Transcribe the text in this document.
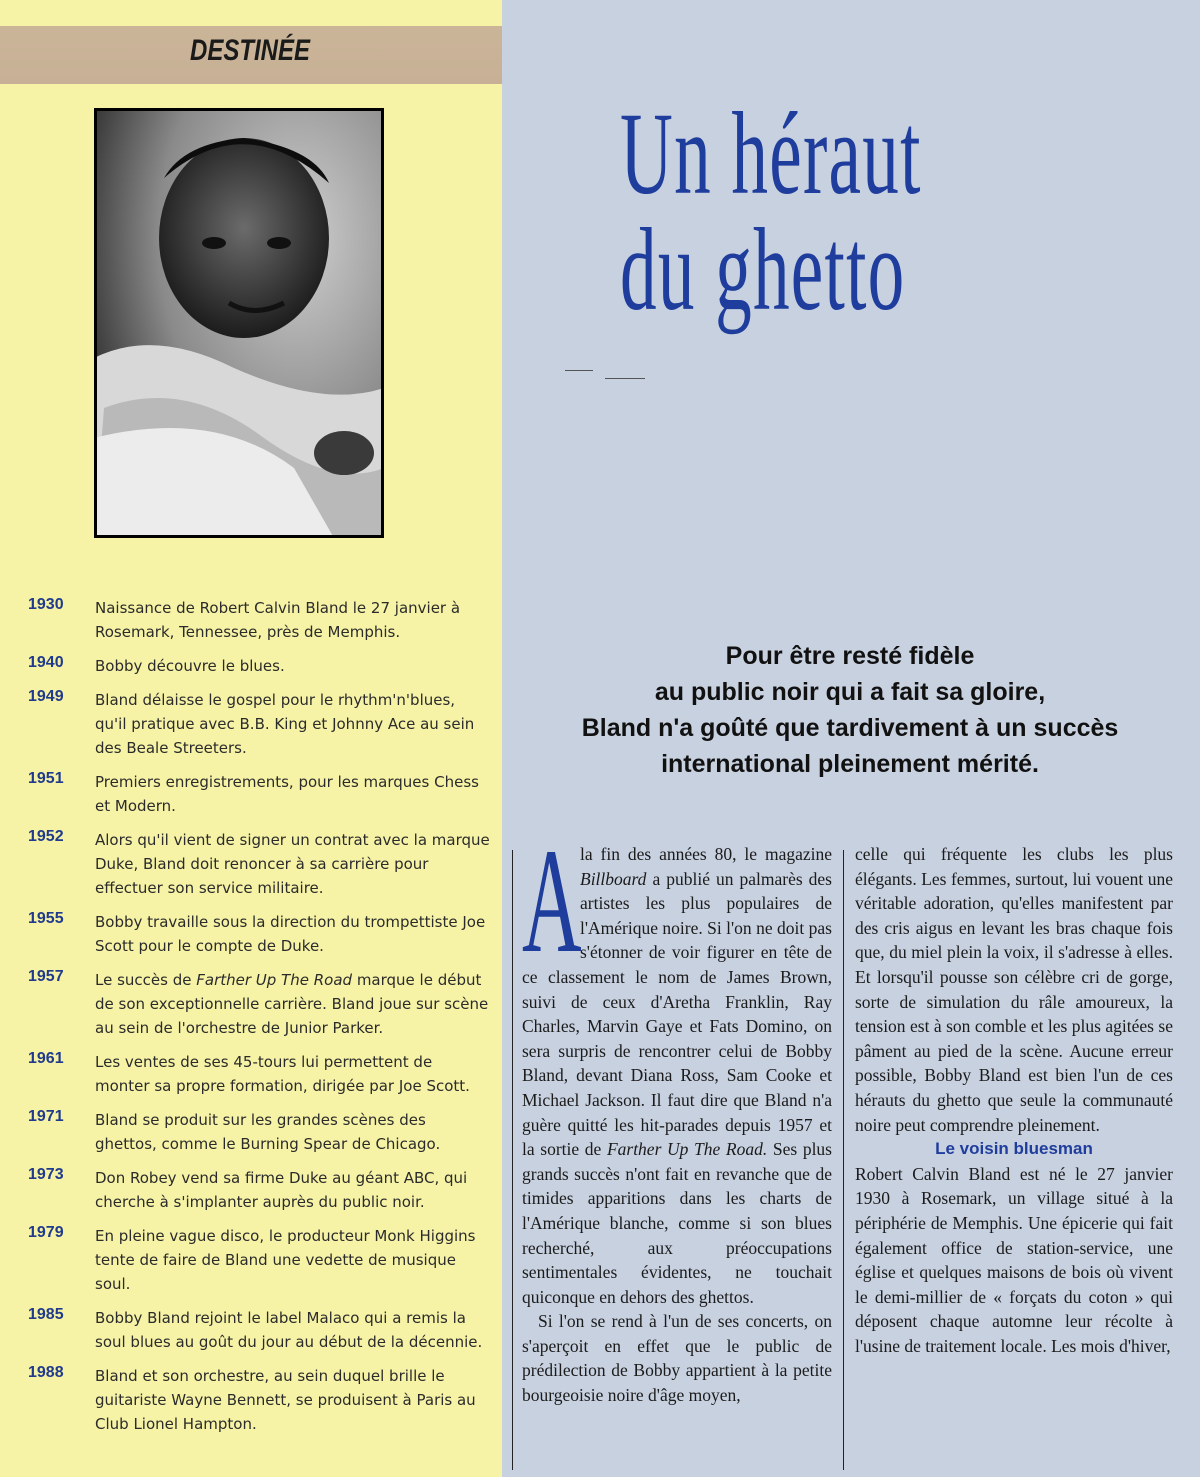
DESTINÉE
1930 Naissance de Robert Calvin Bland le 27 janvier à Rosemark, Tennessee, près de Memphis.
1940 Bobby découvre le blues.
1949 Bland délaisse le gospel pour le rhythm'n'blues, qu'il pratique avec B.B. King et Johnny Ace au sein des Beale Streeters.
1951 Premiers enregistrements, pour les marques Chess et Modern.
1952 Alors qu'il vient de signer un contrat avec la marque Duke, Bland doit renoncer à sa carrière pour effectuer son service militaire.
1955 Bobby travaille sous la direction du trompettiste Joe Scott pour le compte de Duke.
1957 Le succès de Farther Up The Road marque le début de son exceptionnelle carrière. Bland joue sur scène au sein de l'orchestre de Junior Parker.
1961 Les ventes de ses 45-tours lui permettent de monter sa propre formation, dirigée par Joe Scott.
1971 Bland se produit sur les grandes scènes des ghettos, comme le Burning Spear de Chicago.
1973 Don Robey vend sa firme Duke au géant ABC, qui cherche à s'implanter auprès du public noir.
1979 En pleine vague disco, le producteur Monk Higgins tente de faire de Bland une vedette de musique soul.
1985 Bobby Bland rejoint le label Malaco qui a remis la soul blues au goût du jour au début de la décennie.
1988 Bland et son orchestre, au sein duquel brille le guitariste Wayne Bennett, se produisent à Paris au Club Lionel Hampton.
Un héraut
du ghetto
Pour être resté fidèle
au public noir qui a fait sa gloire,
Bland n'a goûté que tardivement à un succès
international pleinement mérité.

A
la fin des années 80, le magazine Billboard a publié un palmarès des artistes les plus populaires de l'Amérique noire. Si l'on ne doit pas s'étonner de voir figurer en tête de ce classement le nom de James Brown, suivi de ceux d'Aretha Franklin, Ray Charles, Marvin Gaye et Fats Domino, on sera surpris de rencontrer celui de Bobby Bland, devant Diana Ross, Sam Cooke et Michael Jackson. Il faut dire que Bland n'a guère quitté les hit-parades depuis 1957 et la sortie de Farther Up The Road. Ses plus grands succès n'ont fait en revanche que de timides apparitions dans les charts de l'Amérique blanche, comme si son blues recherché, aux préoccupations sentimentales évidentes, ne touchait quiconque en dehors des ghettos.

Si l'on se rend à l'un de ses concerts, on s'aperçoit en effet que le public de prédilection de Bobby appartient à la petite bourgeoisie noire d'âge moyen,

celle qui fréquente les clubs les plus élégants. Les femmes, surtout, lui vouent une véritable adoration, qu'elles manifestent par des cris aigus en levant les bras chaque fois que, du miel plein la voix, il s'adresse à elles. Et lorsqu'il pousse son célèbre cri de gorge, sorte de simulation du râle amoureux, la tension est à son comble et les plus agitées se pâment au pied de la scène. Aucune erreur possible, Bobby Bland est bien l'un de ces hérauts du ghetto que seule la communauté noire peut comprendre pleinement.

Le voisin bluesman

Robert Calvin Bland est né le 27 janvier 1930 à Rosemark, un village situé à la périphérie de Memphis. Une épicerie qui fait également office de station-service, une église et quelques maisons de bois où vivent le demi-millier de « forçats du coton » qui déposent chaque automne leur récolte à l'usine de traitement locale. Les mois d'hiver,
